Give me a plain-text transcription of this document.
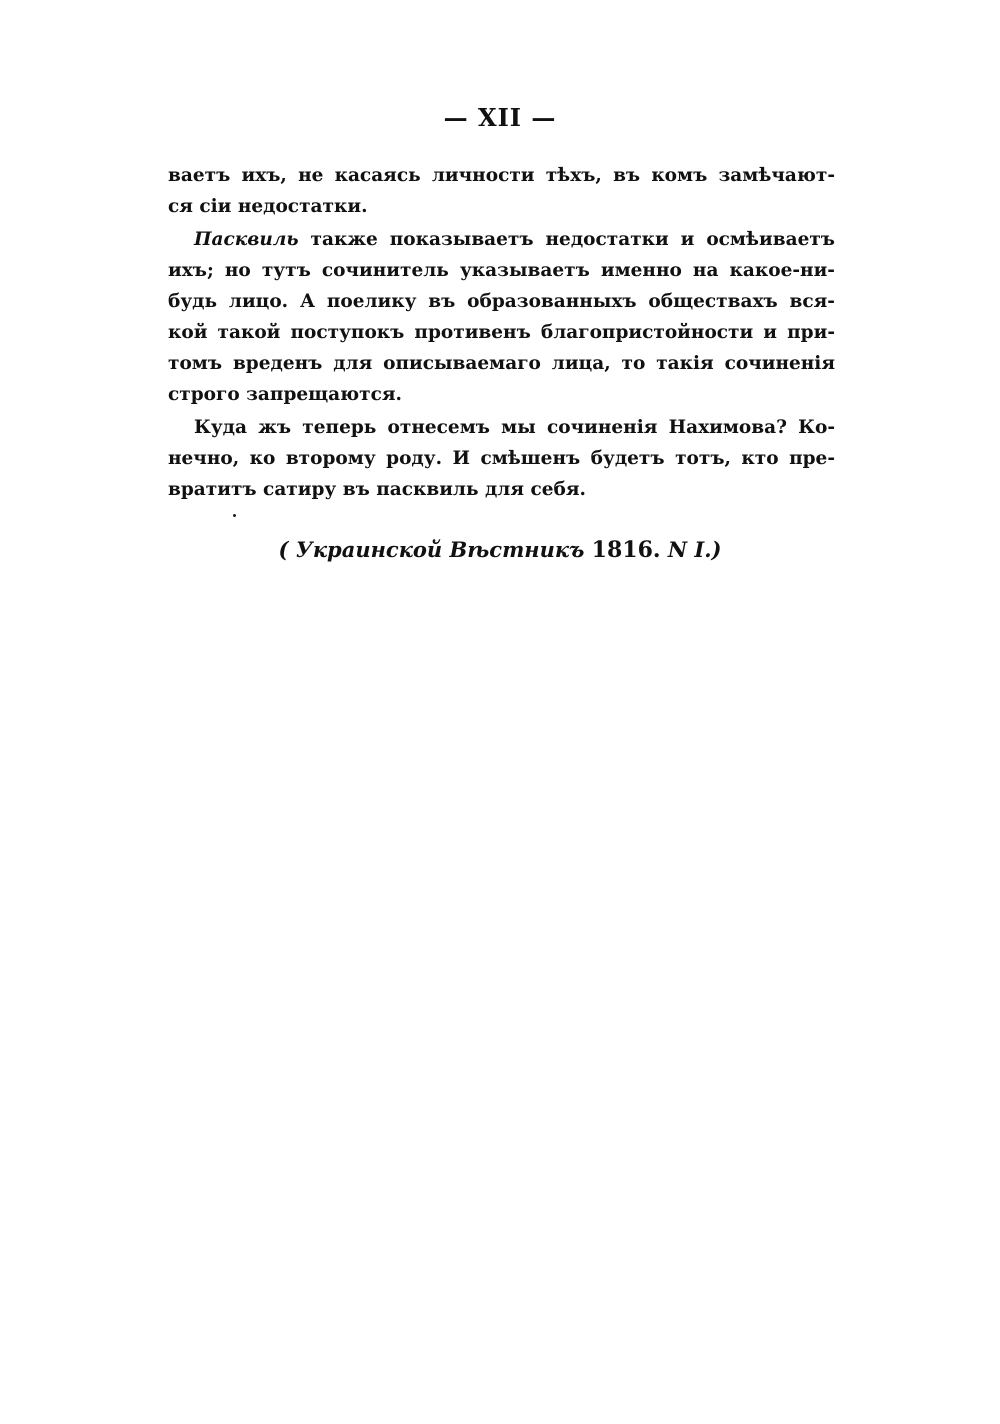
— XII —
ваетъ ихъ, не касаясь личности тѣхъ, въ комъ замѣчают-
ся сіи недостатки.
Пасквиль также показываетъ недостатки и осмѣиваетъ
ихъ; но тутъ сочинитель указываетъ именно на какое-ни-
будь лицо. А поелику въ образованныхъ обществахъ вся-
кой такой поступокъ противенъ благопристойности и при-
томъ вреденъ для описываемаго лица, то такія сочиненія
строго запрещаются.
Куда жъ теперь отнесемъ мы сочиненія Нахимова? Ко-
нечно, ко второму роду. И смѣшенъ будетъ тотъ, кто пре-
вратитъ сатиру въ пасквиль для себя.
( Украинской Вѣстникъ 1816. N I.)
